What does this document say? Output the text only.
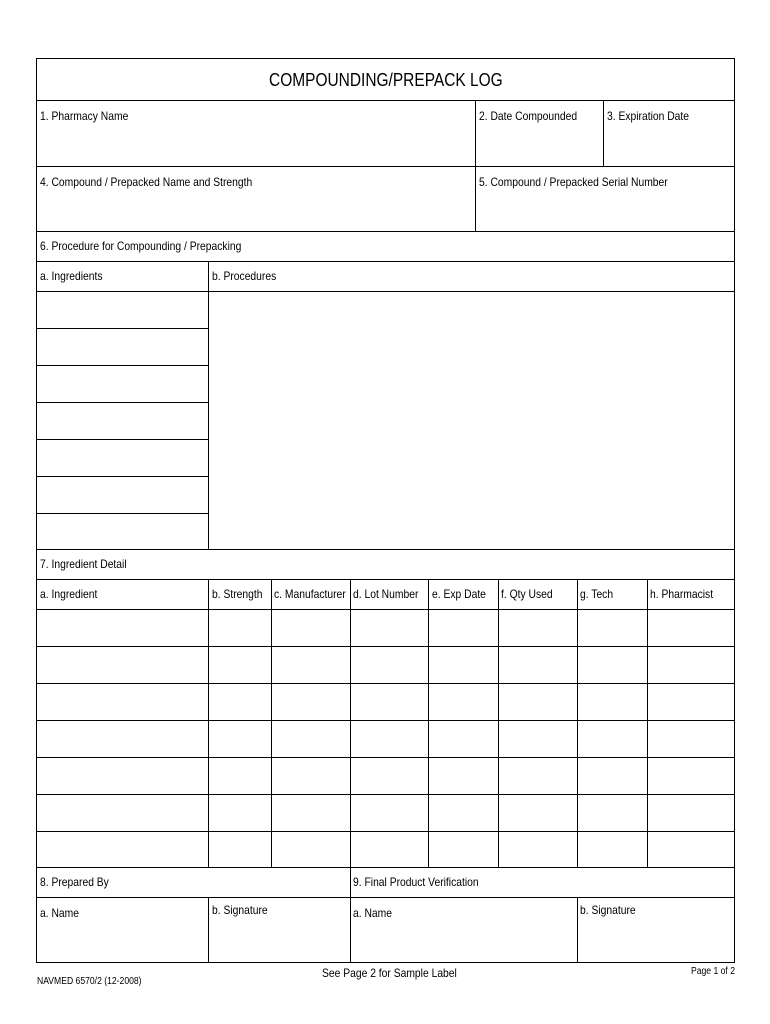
COMPOUNDING/PREPACK LOG
1. Pharmacy Name	2. Date Compounded 3. Expiration Date
4. Compound / Prepacked Name and Strength	5. Compound / Prepacked Serial Number
6. Procedure for Compounding / Prepacking
a. Ingredients	b. Procedures
7. Ingredient Detail
a. Ingredient	b. Strength c. Manufacturer d. Lot Number e. Exp Date f. Qty Used g. Tech	h. Pharmacist
8. Prepared By	9. Final Product Verification
a. Name	b. Signature	a. Name	b. Signature
NAVMED 6570/2 (12-2008)
See Page 2 for Sample Label	Page 1 of 2
